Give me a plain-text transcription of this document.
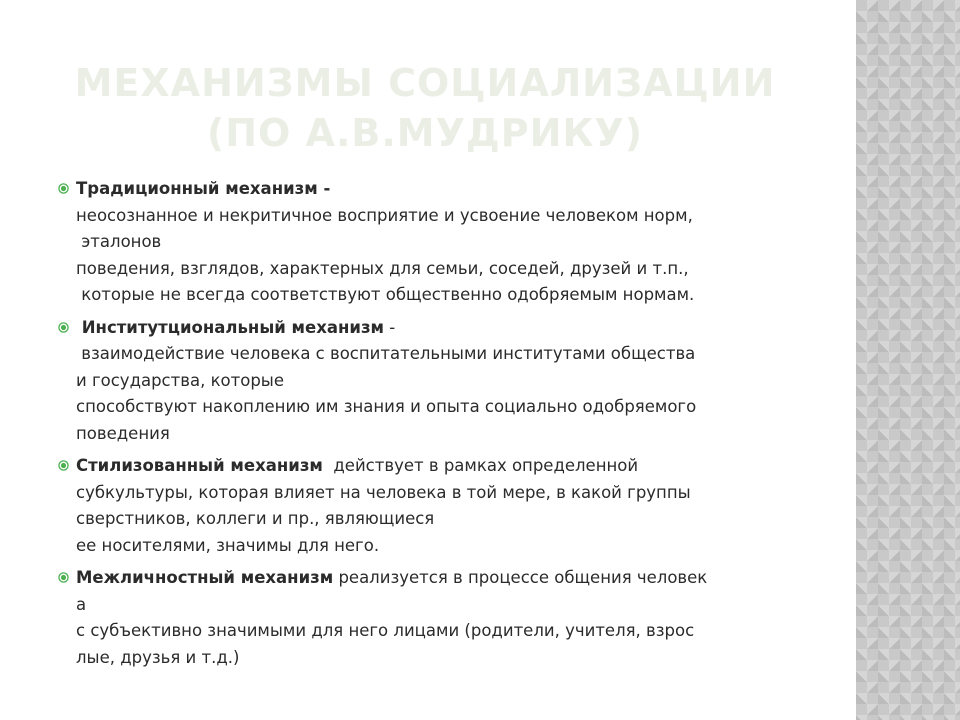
МЕХАНИЗМЫ СОЦИАЛИЗАЦИИ
(ПО А.В.МУДРИКУ)
Традиционный механизм -
неосознанное и некритичное восприятие и усвоение человеком норм,
эталонов
поведения, взглядов, характерных для семьи, соседей, друзей и т.п.,
которые не всегда соответствуют общественно одобряемым нормам.
Институтциональный механизм -
взаимодействие человека с воспитательными институтами общества
и государства, которые
способствуют накоплению им знания и опыта социально одобряемого
поведения
Стилизованный механизм  действует в рамках определенной
субкультуры, которая влияет на человека в той мере, в какой группы
сверстников, коллеги и пр., являющиеся
ее носителями, значимы для него.
Межличностный механизм реализуется в процессе общения человек
а
с субъективно значимыми для него лицами (родители, учителя, взрос
лые, друзья и т.д.)
